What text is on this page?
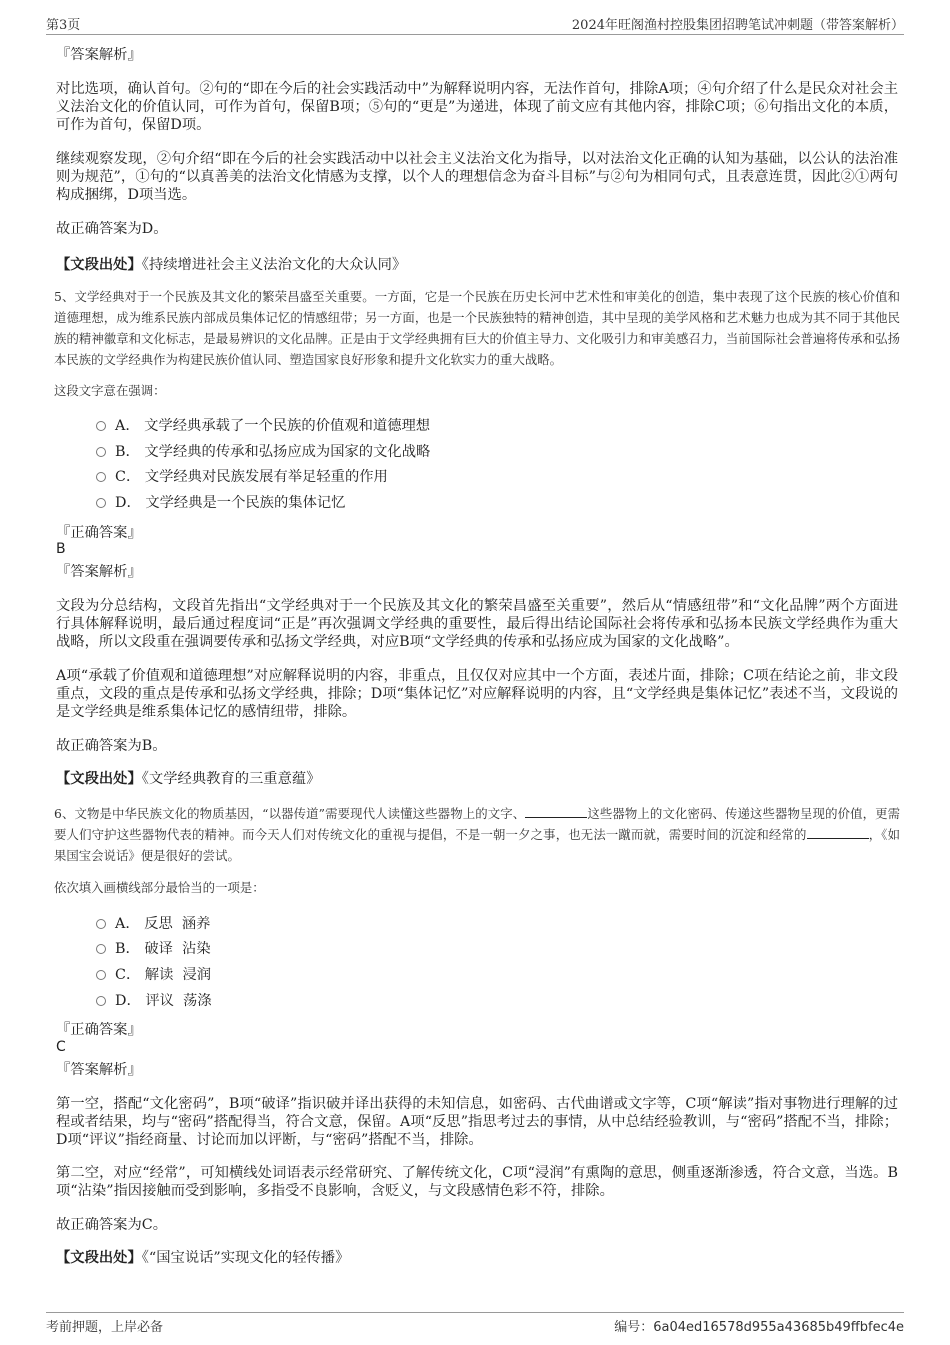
第3页	2024年旺阁渔村控股集团招聘笔试冲刺题（带答案解析）
『答案解析』

对比选项，确认首句。②句的“即在今后的社会实践活动中”为解释说明内容，无法作首句，排除A项；④句介绍了什么是民众对社会主义法治文化的价值认同，可作为首句，保留B项；⑤句的“更是”为递进，体现了前文应有其他内容，排除C项；⑥句指出文化的本质，可作为首句，保留D项。

继续观察发现，②句介绍“即在今后的社会实践活动中以社会主义法治文化为指导，以对法治文化正确的认知为基础，以公认的法治准则为规范”，①句的“以真善美的法治文化情感为支撑，以个人的理想信念为奋斗目标”与②句为相同句式，且表意连贯，因此②①两句构成捆绑，D项当选。

故正确答案为D。
【文段出处】《持续增进社会主义法治文化的大众认同》

5、文学经典对于一个民族及其文化的繁荣昌盛至关重要。一方面，它是一个民族在历史长河中艺术性和审美化的创造，集中表现了这个民族的核心价值和道德理想，成为维系民族内部成员集体记忆的情感纽带；另一方面，也是一个民族独特的精神创造，其中呈现的美学风格和艺术魅力也成为其不同于其他民族的精神徽章和文化标志，是最易辨识的文化品牌。正是由于文学经典拥有巨大的价值主导力、文化吸引力和审美感召力，当前国际社会普遍将传承和弘扬本民族的文学经典作为构建民族价值认同、塑造国家良好形象和提升文化软实力的重大战略。

这段文字意在强调：
A． 文学经典承载了一个民族的价值观和道德理想
B． 文学经典的传承和弘扬应成为国家的文化战略
C． 文学经典对民族发展有举足轻重的作用
D． 文学经典是一个民族的集体记忆
『正确答案』
B
『答案解析』

文段为分总结构，文段首先指出“文学经典对于一个民族及其文化的繁荣昌盛至关重要”，然后从“情感纽带”和“文化品牌”两个方面进行具体解释说明，最后通过程度词“正是”再次强调文学经典的重要性，最后得出结论国际社会将传承和弘扬本民族文学经典作为重大战略，所以文段重在强调要传承和弘扬文学经典，对应B项“文学经典的传承和弘扬应成为国家的文化战略”。

A项“承载了价值观和道德理想”对应解释说明的内容，非重点，且仅仅对应其中一个方面，表述片面，排除；C项在结论之前，非文段重点，文段的重点是传承和弘扬文学经典，排除；D项“集体记忆”对应解释说明的内容，且“文学经典是集体记忆”表述不当，文段说的是文学经典是维系集体记忆的感情纽带，排除。

故正确答案为B。
【文段出处】《文学经典教育的三重意蕴》

6、文物是中华民族文化的物质基因，“以器传道”需要现代人读懂这些器物上的文字、	这些器物上的文化密码、传递这些器物呈现的价值，更需要人们守护这些器物代表的精神。而今天人们对传统文化的重视与提倡，不是一朝一夕之事，也无法一蹴而就，需要时间的沉淀和经常的	，《如果国宝会说话》便是很好的尝试。

依次填入画横线部分最恰当的一项是：
A． 反思  涵养
B． 破译  沾染
C． 解读  浸润
D． 评议  荡涤
『正确答案』
C
『答案解析』

第一空，搭配“文化密码”，B项“破译”指识破并译出获得的未知信息，如密码、古代曲谱或文字等，C项“解读”指对事物进行理解的过程或者结果，均与“密码”搭配得当，符合文意，保留。A项“反思”指思考过去的事情，从中总结经验教训，与“密码”搭配不当，排除；D项“评议”指经商量、讨论而加以评断，与“密码”搭配不当，排除。

第二空，对应“经常”，可知横线处词语表示经常研究、了解传统文化，C项“浸润”有熏陶的意思，侧重逐渐渗透，符合文意，当选。B项“沾染”指因接触而受到影响，多指受不良影响，含贬义，与文段感情色彩不符，排除。

故正确答案为C。
【文段出处】《“国宝说话”实现文化的轻传播》
考前押题，上岸必备	编号：6a04ed16578d955a43685b49ffbfec4e
